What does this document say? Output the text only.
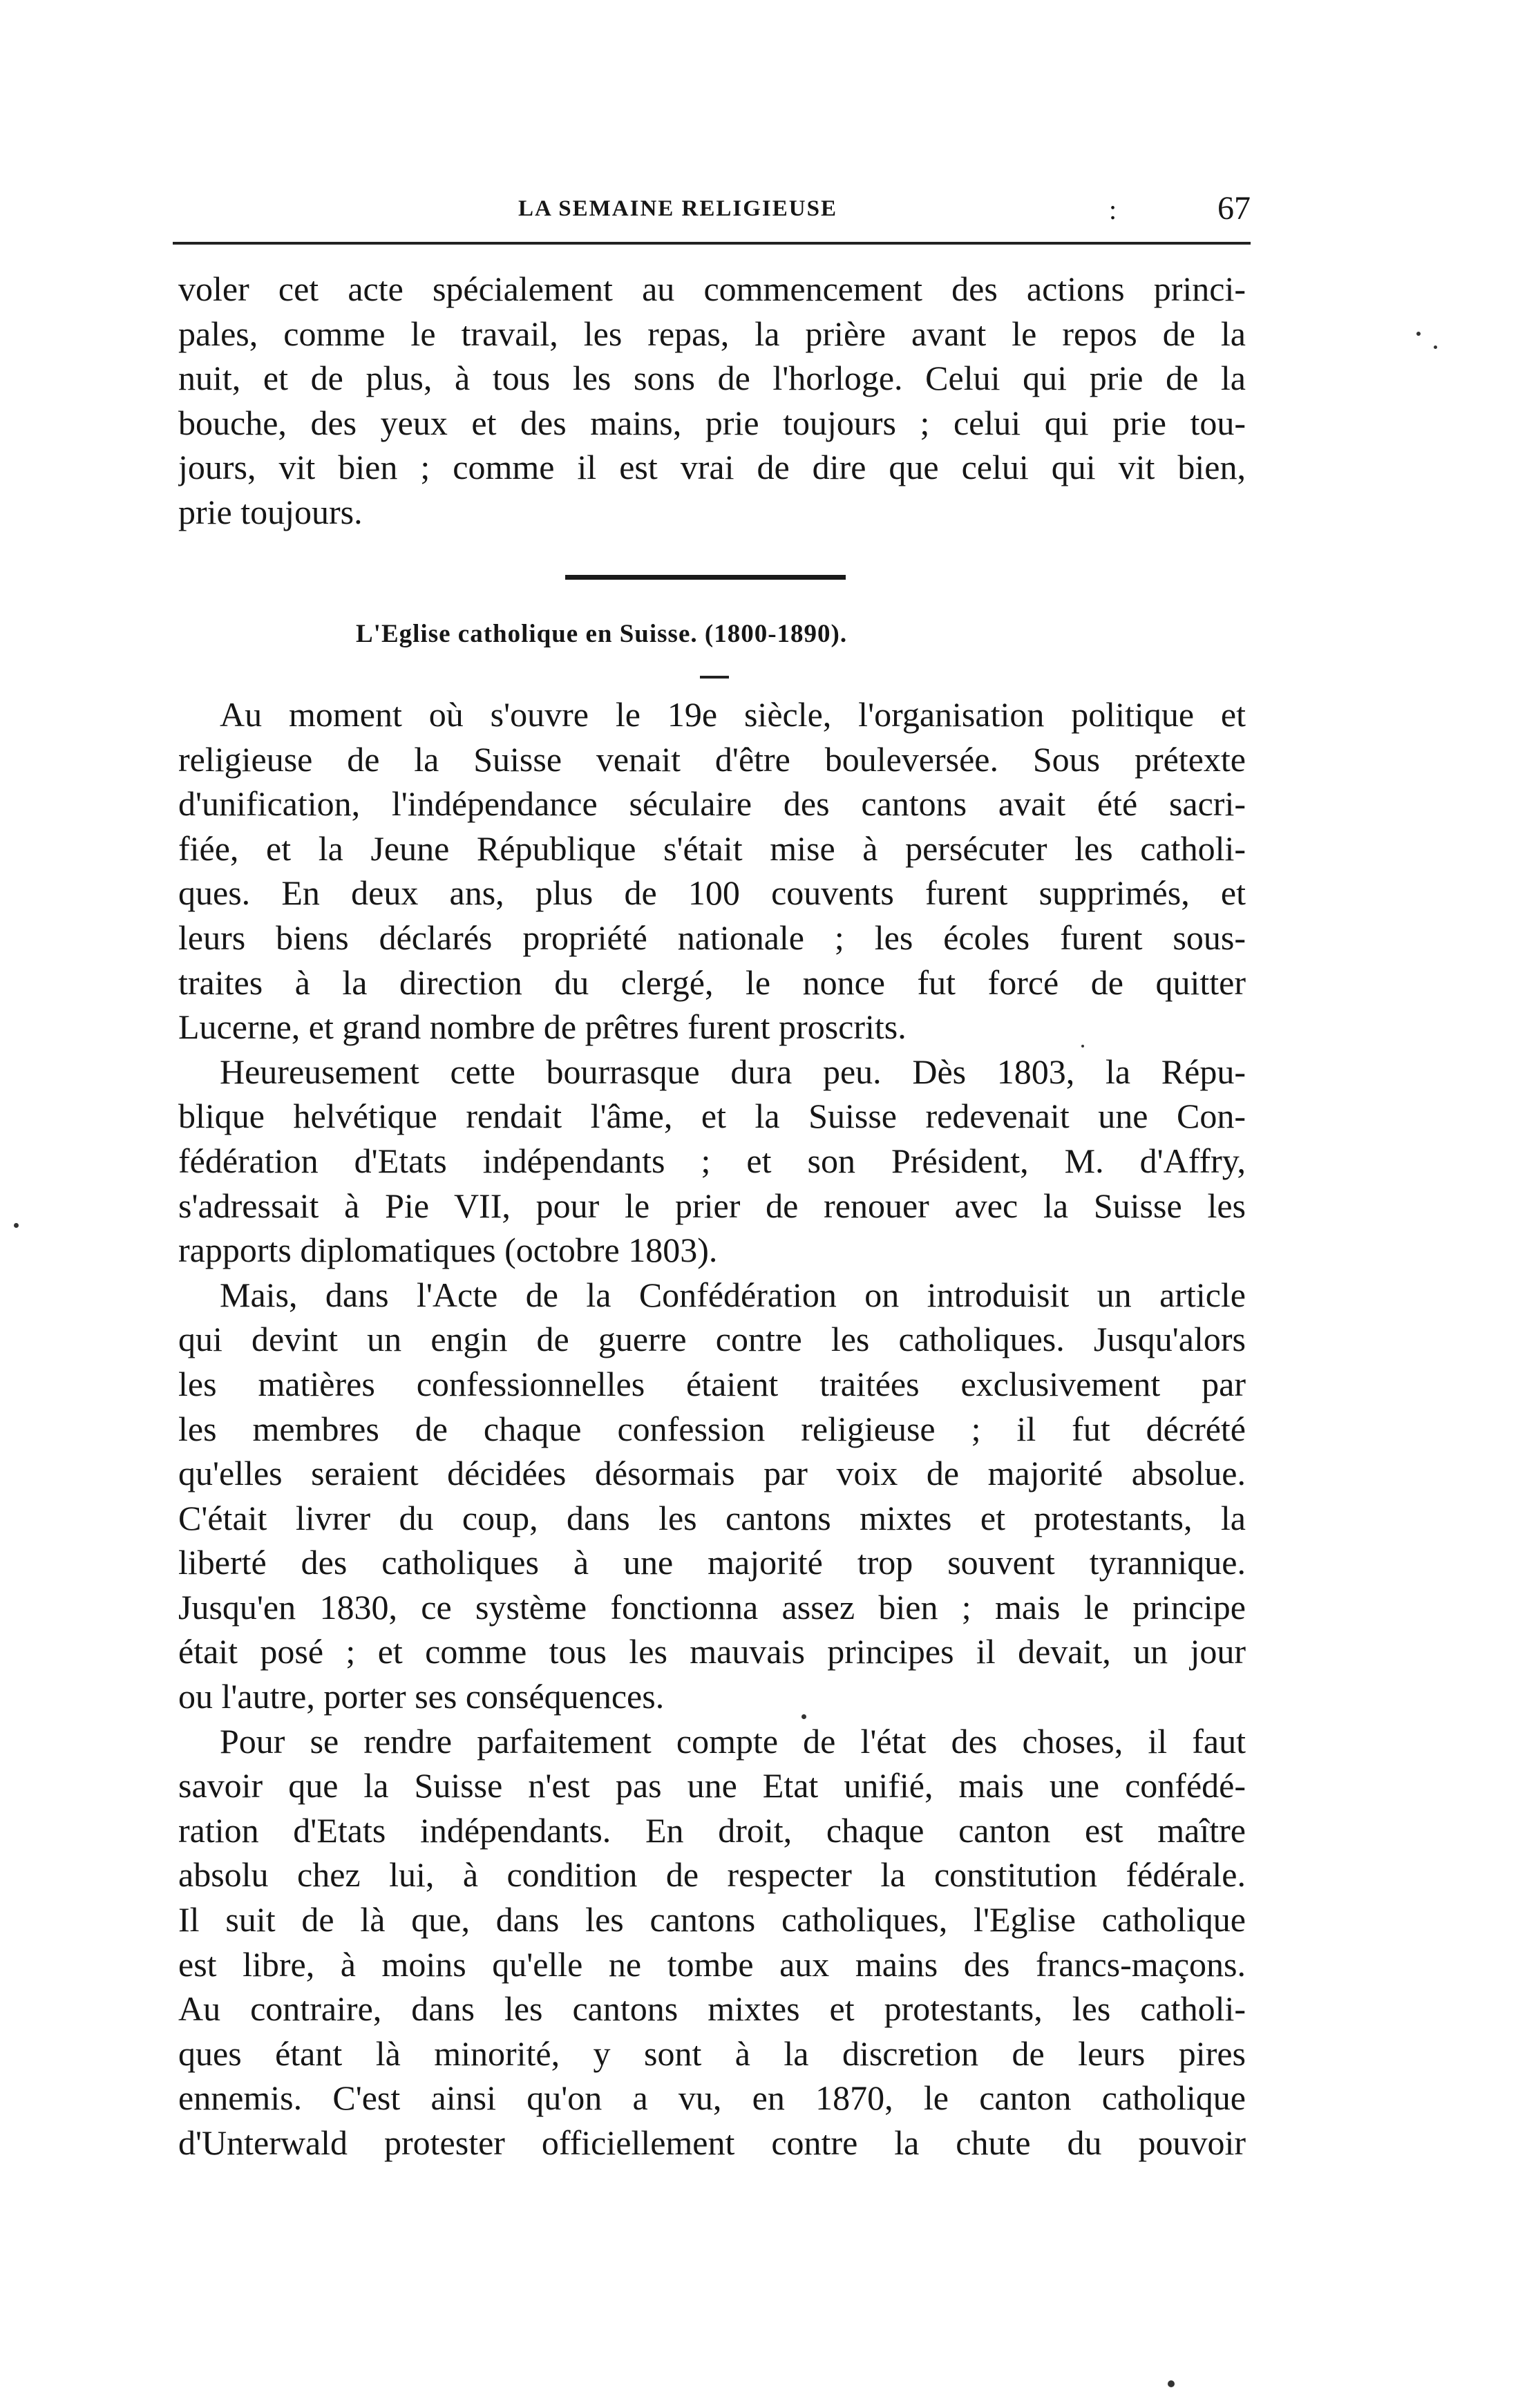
LA SEMAINE RELIGIEUSE	:	67
voler cet acte spécialement au commencement des actions princi-
pales, comme le travail, les repas, la prière avant le repos de la
nuit, et de plus, à tous les sons de l'horloge. Celui qui prie de la
bouche, des yeux et des mains, prie toujours ; celui qui prie tou-
jours, vit bien ; comme il est vrai de dire que celui qui vit bien,
prie toujours.
L'Eglise catholique en Suisse. (1800-1890).
Au moment où s'ouvre le 19e siècle, l'organisation politique et
religieuse de la Suisse venait d'être bouleversée. Sous prétexte
d'unification, l'indépendance séculaire des cantons avait été sacri-
fiée, et la Jeune République s'était mise à persécuter les catholi-
ques. En deux ans, plus de 100 couvents furent supprimés, et
leurs biens déclarés propriété nationale ; les écoles furent sous-
traites à la direction du clergé, le nonce fut forcé de quitter
Lucerne, et grand nombre de prêtres furent proscrits.
Heureusement cette bourrasque dura peu. Dès 1803, la Répu-
blique helvétique rendait l'âme, et la Suisse redevenait une Con-
fédération d'Etats indépendants ; et son Président, M. d'Affry,
s'adressait à Pie VII, pour le prier de renouer avec la Suisse les
rapports diplomatiques (octobre 1803).
Mais, dans l'Acte de la Confédération on introduisit un article
qui devint un engin de guerre contre les catholiques. Jusqu'alors
les matières confessionnelles étaient traitées exclusivement par
les membres de chaque confession religieuse ; il fut décrété
qu'elles seraient décidées désormais par voix de majorité absolue.
C'était livrer du coup, dans les cantons mixtes et protestants, la
liberté des catholiques à une majorité trop souvent tyrannique.
Jusqu'en 1830, ce système fonctionna assez bien ; mais le principe
était posé ; et comme tous les mauvais principes il devait, un jour
ou l'autre, porter ses conséquences.
Pour se rendre parfaitement compte de l'état des choses, il faut
savoir que la Suisse n'est pas une Etat unifié, mais une confédé-
ration d'Etats indépendants. En droit, chaque canton est maître
absolu chez lui, à condition de respecter la constitution fédérale.
Il suit de là que, dans les cantons catholiques, l'Eglise catholique
est libre, à moins qu'elle ne tombe aux mains des francs-maçons.
Au contraire, dans les cantons mixtes et protestants, les catholi-
ques étant là minorité, y sont à la discretion de leurs pires
ennemis. C'est ainsi qu'on a vu, en 1870, le canton catholique
d'Unterwald protester officiellement contre la chute du pouvoir
